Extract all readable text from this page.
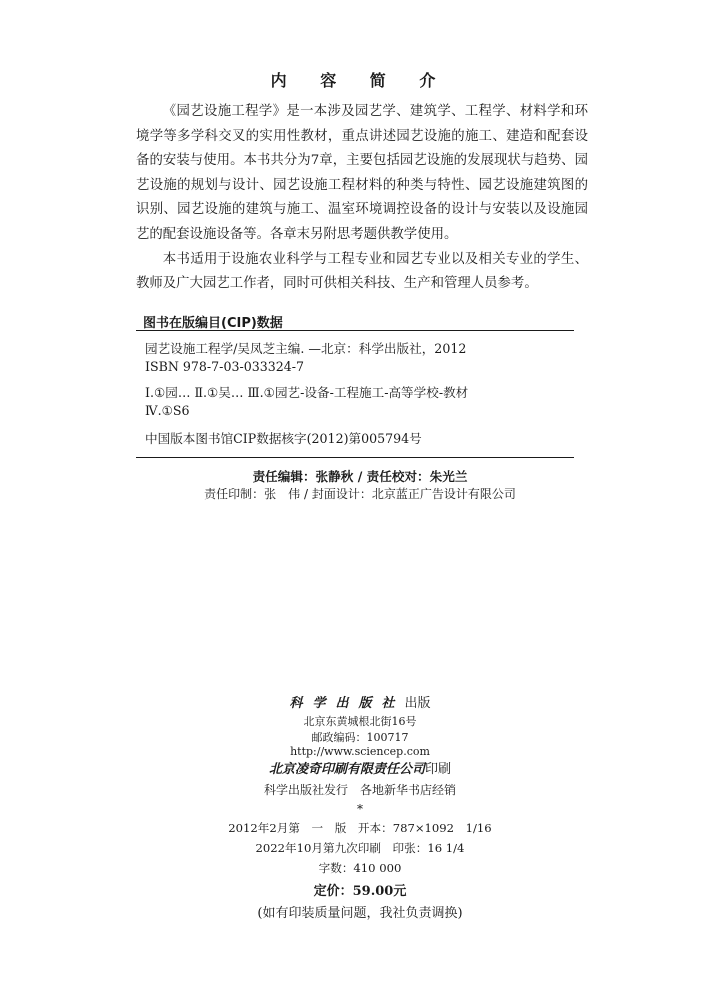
内 容 简 介

《园艺设施工程学》是一本涉及园艺学、建筑学、工程学、材料学和环境学等多学科交叉的实用性教材，重点讲述园艺设施的施工、建造和配套设备的安装与使用。本书共分为7章，主要包括园艺设施的发展现状与趋势、园艺设施的规划与设计、园艺设施工程材料的种类与特性、园艺设施建筑图的识别、园艺设施的建筑与施工、温室环境调控设备的设计与安装以及设施园艺的配套设施设备等。各章末另附思考题供教学使用。

本书适用于设施农业科学与工程专业和园艺专业以及相关专业的学生、教师及广大园艺工作者，同时可供相关科技、生产和管理人员参考。

图书在版编目(CIP)数据
园艺设施工程学/吴凤芝主编. —北京：科学出版社，2012
ISBN 978-7-03-033324-7
Ⅰ.①园… Ⅱ.①吴… Ⅲ.①园艺-设备-工程施工-高等学校-教材
Ⅳ.①S6
中国版本图书馆CIP数据核字(2012)第005794号
责任编辑：张静秋 / 责任校对：朱光兰
责任印制：张　伟 / 封面设计：北京蓝正广告设计有限公司
科学出版社出版
北京东黄城根北街16号
邮政编码：100717
http://www.sciencep.com
北京凌奇印刷有限责任公司印刷
科学出版社发行　各地新华书店经销
*
2012年2月第　一　版　开本：787×1092　1/16
2022年10月第九次印刷　印张：16 1/4
字数：410 000
定价：59.00元
(如有印装质量问题，我社负责调换)
